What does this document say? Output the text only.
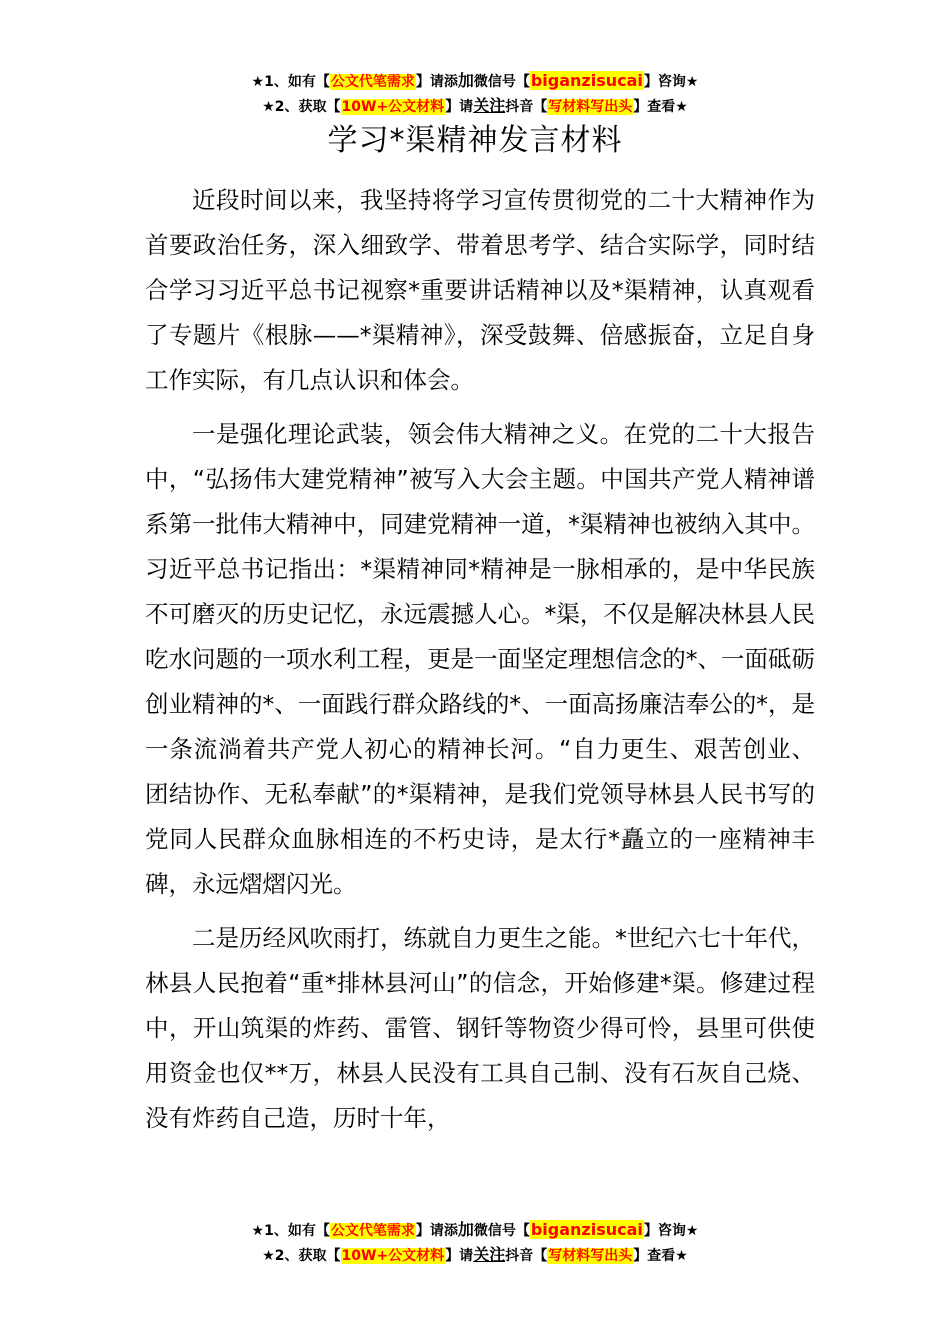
★1、如有【公文代笔需求】请添加微信号【biganzisucai】咨询★
★2、获取【10W+公文材料】请关注抖音【写材料写出头】查看★
学习*渠精神发言材料

近段时间以来，我坚持将学习宣传贯彻党的二十大精神作为首要政治任务，深入细致学、带着思考学、结合实际学，同时结合学习习近平总书记视察*重要讲话精神以及*渠精神，认真观看了专题片《根脉——*渠精神》，深受鼓舞、倍感振奋，立足自身工作实际，有几点认识和体会。

一是强化理论武装，领会伟大精神之义。在党的二十大报告中，“弘扬伟大建党精神”被写入大会主题。中国共产党人精神谱系第一批伟大精神中，同建党精神一道，*渠精神也被纳入其中。习近平总书记指出：*渠精神同*精神是一脉相承的，是中华民族不可磨灭的历史记忆，永远震撼人心。*渠，不仅是解决林县人民吃水问题的一项水利工程，更是一面坚定理想信念的*、一面砥砺创业精神的*、一面践行群众路线的*、一面高扬廉洁奉公的*，是一条流淌着共产党人初心的精神长河。“自力更生、艰苦创业、团结协作、无私奉献”的*渠精神，是我们党领导林县人民书写的党同人民群众血脉相连的不朽史诗，是太行*矗立的一座精神丰碑，永远熠熠闪光。

二是历经风吹雨打，练就自力更生之能。*世纪六七十年代，林县人民抱着“重*排林县河山”的信念，开始修建*渠。修建过程中，开山筑渠的炸药、雷管、钢钎等物资少得可怜，县里可供使用资金也仅**万，林县人民没有工具自己制、没有石灰自己烧、没有炸药自己造，历时十年，

★1、如有【公文代笔需求】请添加微信号【biganzisucai】咨询★
★2、获取【10W+公文材料】请关注抖音【写材料写出头】查看★
